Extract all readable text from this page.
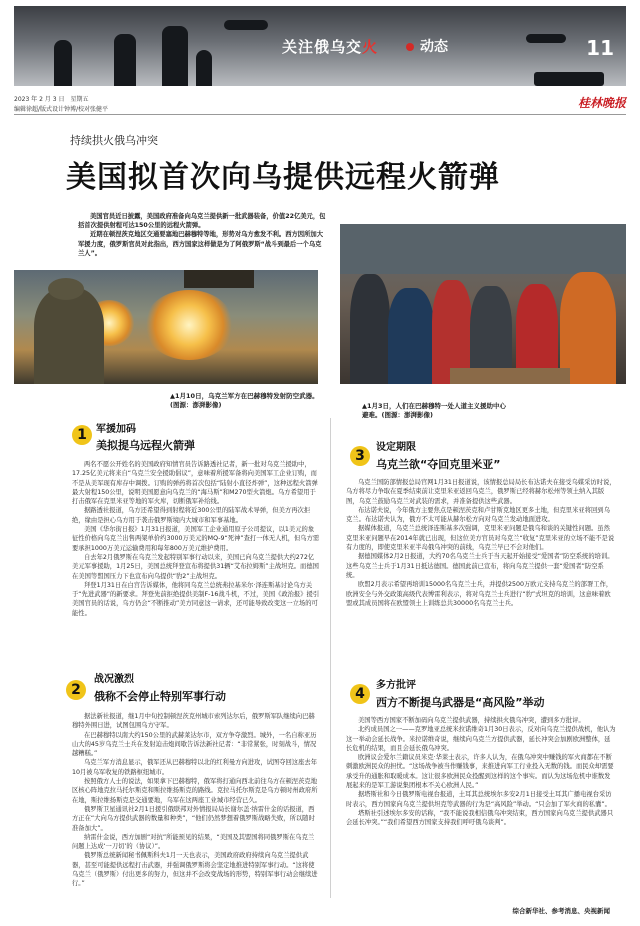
关注俄乌交火	动态	11
2023 年 2 月 3 日　星期五
编辑徐超/版式设计钟博/校对张健平	桂林晚报
持续拱火俄乌冲突
美国拟首次向乌提供远程火箭弹

美国官员近日披露，美国政府准备向乌克兰提供新一批武器装备，价值22亿美元，包括首次提供射程可达150公里的远程火箭弹。

近期在顿涅茨克地区交通要塞地巴赫穆特等地，形势对乌方愈发不利。西方因所加大军援力度，俄罗斯官员对此指出，西方国家这样做是为了阿俄罗斯“战斗到最后一个乌克兰人”。

▲1月10日，乌克兰军方在巴赫穆特发射防空武器。(图源：澎湃影像)	▲1月3日，人们在巴赫穆特一处人道主义援助中心避难。(图源：澎湃影像)
1 军援加码
美拟提乌远程火箭弹

两名不愿公开姓名的美国政府知情官员告诉路透社记者，新一批对乌克兰援助中，17.25亿美元将来自“乌克兰安全援助倡议”，意味着所援军备将向美国军工企业订购，而不是从美军现有库存中调拨。订购的弹药将首次包括“陆射小直径炸弹”，这种远程火箭弹最大射程150公里，说明美国愿意向乌克兰的“海马斯”和M270型火箭炮。乌方希望用于打击俄军在克里米亚等地的军火库，切断俄军补给线。

据路透社报道，乌方还希望得到射程将近300公里的陆军战术导弹，但美方再次拒绝，缘由是担心乌方用于袭击俄罗斯境内大城市和军事基地。

美国《华尔街日报》1月31日报道，美国军工企业通用原子公司提议，以1美元的象征性价格向乌克兰出售两架单价约3000万美元的MQ-9“死神”查打一体无人机，但乌方需要承担1000万美元运输费用和每年800万美元维护费用。

自去年2月俄罗斯在乌克兰发起特别军事行动以来，美国已向乌克兰提供大约272亿美元军事援助，1月25日，美国总统拜登宣布将提供31辆“艾布拉姆斯”主战坦克。而德国在美国等盟国压力下也宣布向乌提供“豹2”主战坦克。

拜登1月31日在白宫告诉媒体，他将同乌克兰总统弗拉基米尔·泽连斯基讨论乌方关于“先进武器”的新要求。拜登先前拒绝提供美制F-16战斗机，不过，美国《政治报》援引美国官员的话说，乌方仍会“不断推动”美方同意这一请求，还可能导致改变这一立场的可能性。

2
战况激烈
俄称不会停止特别军事行动

据法新社报道，继1月中旬控制顿涅茨克州城市索列达尔后，俄罗斯军队继续向巴赫穆特外围日进，试图包围乌方守军。

在巴赫穆特以南大约150公里的武赫莱达尔市，双方争夺激烈。城外，一名自称亚历山大的45岁乌克兰士兵在发射迫击炮间歇告诉法新社记者：“非常紧张，时刻战斗，情况越糟糕。”

乌克兰军方消息显示，俄军还从巴赫穆特以北的红利曼方向进攻，试图夺回这座去年10月被乌军收复的铁路枢纽城市。

按照俄方人士的说法，如果拿下巴赫穆特，俄军将打通向西北前往乌方在顿涅茨克地区核心阵地克拉马托尔斯克和斯拉维扬斯克的路线。克拉马托尔斯克是乌方顿时州政府所在地，斯拉维扬斯克是交通要地，乌军在这两座工业城市经营已久。

俄罗斯卫星通讯社2月1日援引俄联邦对外情报局局长谢尔盖·纳雷什金的话报道，西方正在“大向乌方提供武器的数量和种类”，“他们仍然梦想着俄罗斯战略失败，所以随时准备加大”。

纳雷什金说，西方加剧“对抗”所能预见的结果，“美国及其盟国将同俄罗斯在乌克兰问题上达成‘一刀切’的（协议）”。

俄罗斯总统新闻秘书佩斯科夫1月一天也表示，美国政府政府持续向乌克兰提供武器，甚至可能提供远程打击武器，并强调俄罗斯将会坚定地推进特别军事行动。“这将使乌克兰（俄罗斯）付出更多的努力，但这并不会改变战场的形势，特别军事行动会继续进行。”

3
设定期限
乌克兰欲“夺回克里米亚”

乌克兰国防部情报总局官网1月31日报道说，该情报总局局长布达诺夫在接受乌媒采访时说，乌方将尽力争取在夏季结束前让克里米亚返回乌克兰，俄罗斯已经将赫尔松州等领土纳入其版图，乌克兰鼓励乌克兰对武装的需求，并准备提供这些武器。

布达诺夫说，今年俄方主要焦点是顿涅茨克和卢甘斯克地区更多土地，但克里米亚将回到乌克兰。布达诺夫认为，俄方不太可能从赫尔松方向对乌克兰发动地面进攻。

据媒体报道，乌克兰总统泽连斯基多次强调，克里米亚问题是俄乌和谈的关键性问题。虽然克里米亚问题早在2014年就已出现，但这位美方官员对乌克兰“收复”克里米亚的立场不能不是说有力度的，即使克里米亚半岛俄乌冲突的前线，乌克兰早已不会对他们。

据德国媒体2月2日报道，大约70名乌克兰士兵于当天起开始接受“爱国者”防空系统的培训。这些乌克兰士兵于1月31日抵达德国。德国此前已宣布，将向乌克兰提供一套“爱国者”防空系统。

欧盟2月表示希望再培训15000名乌克兰士兵，并提供2500万欧元支持乌克兰的部署工作，欧洲安全与外交政策高级代表博雷利表示，将对乌克兰士兵进行“豹”式坦克的培训，这意味着欧盟或其成员国将在欧盟领土上训练总共30000名乌克兰士兵。

4
多方批评
西方不断提乌武器是“高风险”举动

美国等西方国家不断加码向乌克兰提供武器，持续拱火俄乌冲突，遭到多方批评。

北约成员国之一——克罗地亚总统米拉诺维奇1月30日表示，反对向乌克兰提供战机，他认为这一举动会延长战争。米拉诺维奇说，继续向乌克兰方提供武器，延长冲突会加剧欧洲整体，延长危机的结果，而且会延长俄乌冲突。

欧洲议会爱尔兰籍议员米克·华莱士表示，许多人认为，在俄乌冲突中赚钱的军火商都在不断刺激欧洲民众的担忧。“这场战争被当作赚钱事，来推进向军工行业投入无数的钱。而民众却需要承受升的通胀和取暖成本。这让很多欧洲民众投醒到这样的这个事实。而认为这场危机中谁数发展起来的是军工游说集团根本不关心欧洲人民。”

据塔斯社和今日俄罗斯电视台报道，土耳其总统埃尔多安2月1日接受土耳其广播电视台采访时表示，西方国家向乌克兰提供坦克等武器的行为是“高风险”举动。“只会加了军火商的私囊”。

塔斯社引述埃尔多安的话称，“我不能说我相信俄乌冲突结束，西方国家向乌克兰提供武器只会延长冲突。”“我们希望西方国家支持我们呼吁俄乌谈判”。

综合新华社、参考消息、央视新闻
